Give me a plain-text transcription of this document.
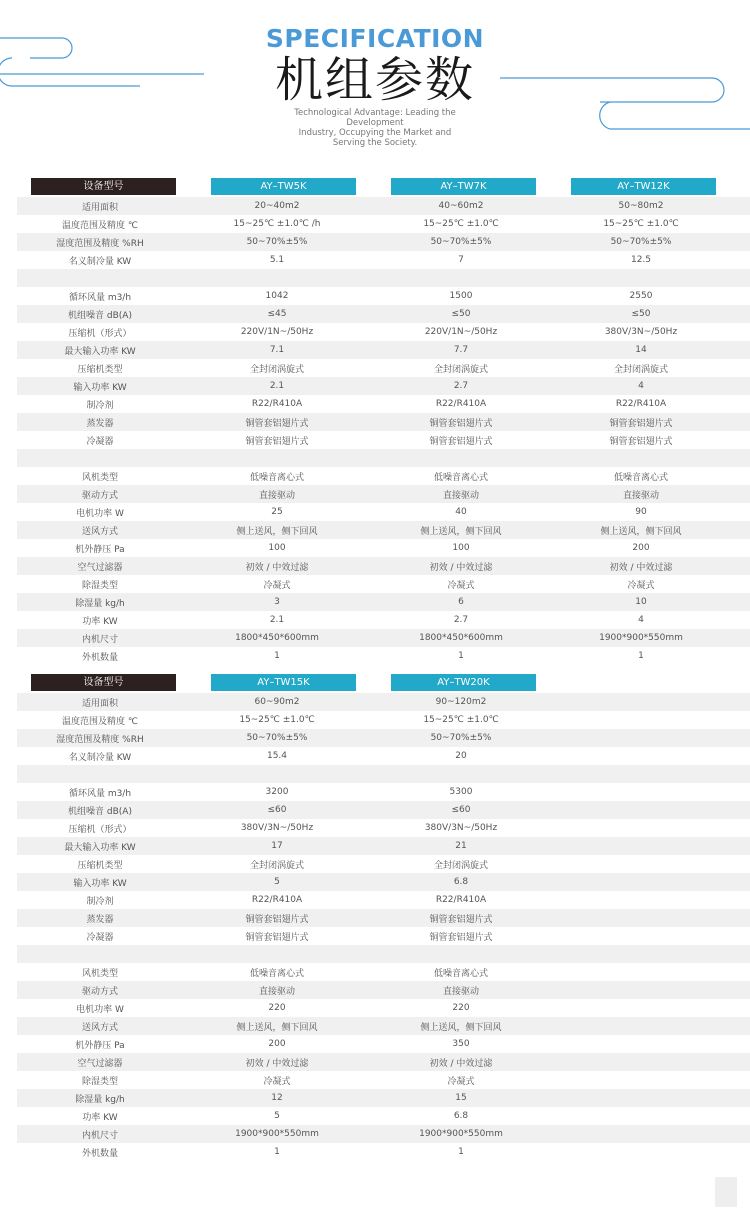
SPECIFICATION
机组参数
Technological Advantage: Leading the Development
Industry, Occupying the Market and
Serving the Society.
设备型号	AY–TW5K	AY–TW7K	AY–TW12K
适用面积	20~40m2	40~60m2	50~80m2
温度范围及精度 ℃	15~25℃ ±1.0℃ /h	15~25℃ ±1.0℃	15~25℃ ±1.0℃
湿度范围及精度 %RH	50~70%±5%	50~70%±5%	50~70%±5%
名义制冷量 KW	5.1	7	12.5
循环风量 m3/h	1042	1500	2550
机组噪音 dB(A)	≤45	≤50	≤50
压缩机（形式）	220V/1N~/50Hz	220V/1N~/50Hz	380V/3N~/50Hz
最大输入功率 KW	7.1	7.7	14
压缩机类型	全封闭涡旋式	全封闭涡旋式	全封闭涡旋式
输入功率 KW	2.1	2.7	4
制冷剂	R22/R410A	R22/R410A	R22/R410A
蒸发器	铜管套铝翅片式	铜管套铝翅片式	铜管套铝翅片式
冷凝器	铜管套铝翅片式	铜管套铝翅片式	铜管套铝翅片式
风机类型	低噪音离心式	低噪音离心式	低噪音离心式
驱动方式	直接驱动	直接驱动	直接驱动
电机功率 W	25	40	90
送风方式	侧上送风，侧下回风	侧上送风，侧下回风	侧上送风，侧下回风
机外静压 Pa	100	100	200
空气过滤器	初效 / 中效过滤	初效 / 中效过滤	初效 / 中效过滤
除湿类型	冷凝式	冷凝式	冷凝式
除湿量 kg/h	3	6	10
功率 KW	2.1	2.7	4
内机尺寸	1800*450*600mm	1800*450*600mm	1900*900*550mm
外机数量	1	1	1
设备型号	AY–TW15K	AY–TW20K
适用面积	60~90m2	90~120m2
温度范围及精度 ℃	15~25℃ ±1.0℃	15~25℃ ±1.0℃
湿度范围及精度 %RH	50~70%±5%	50~70%±5%
名义制冷量 KW	15.4	20
循环风量 m3/h	3200	5300
机组噪音 dB(A)	≤60	≤60
压缩机（形式）	380V/3N~/50Hz	380V/3N~/50Hz
最大输入功率 KW	17	21
压缩机类型	全封闭涡旋式	全封闭涡旋式
输入功率 KW	5	6.8
制冷剂	R22/R410A	R22/R410A
蒸发器	铜管套铝翅片式	铜管套铝翅片式
冷凝器	铜管套铝翅片式	铜管套铝翅片式
风机类型	低噪音离心式	低噪音离心式
驱动方式	直接驱动	直接驱动
电机功率 W	220	220
送风方式	侧上送风，侧下回风	侧上送风，侧下回风
机外静压 Pa	200	350
空气过滤器	初效 / 中效过滤	初效 / 中效过滤
除湿类型	冷凝式	冷凝式
除湿量 kg/h	12	15
功率 KW	5	6.8
内机尺寸	1900*900*550mm	1900*900*550mm
外机数量	1	1
